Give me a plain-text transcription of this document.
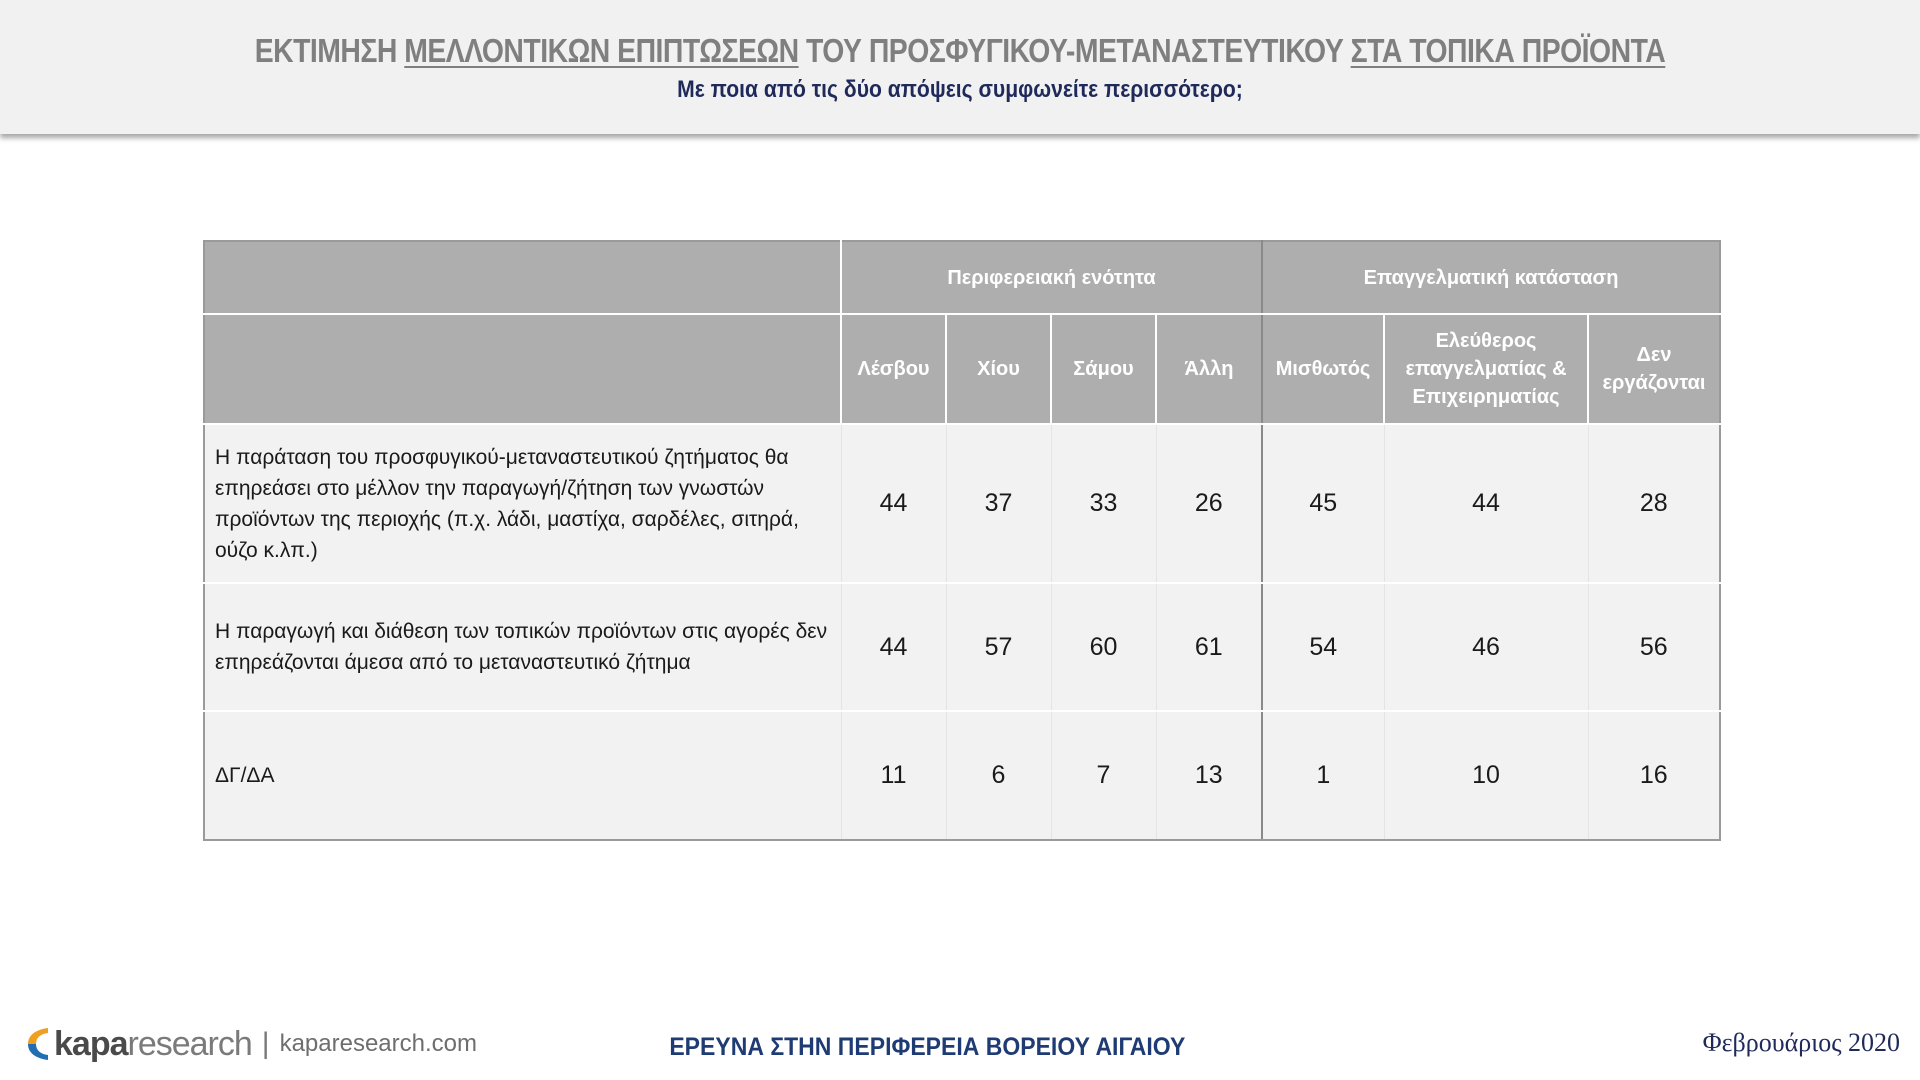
ΕΚΤΙΜΗΣΗ ΜΕΛΛΟΝΤΙΚΩΝ ΕΠΙΠΤΩΣΕΩΝ ΤΟΥ ΠΡΟΣΦΥΓΙΚΟΥ-ΜΕΤΑΝΑΣΤΕΥΤΙΚΟΥ ΣΤΑ ΤΟΠΙΚΑ ΠΡΟΪΟΝΤΑ
Με ποια από τις δύο απόψεις συμφωνείτε περισσότερο;
	Περιφερειακή ενότητα				Επαγγελματική κατάσταση		
	Λέσβου	Χίου	Σάμου	Άλλη	Μισθωτός	Ελεύθερος επαγγελματίας & Επιχειρηματίας	Δεν εργάζονται
Η παράταση του προσφυγικού-μεταναστευτικού ζητήματος θα επηρεάσει στο μέλλον την παραγωγή/ζήτηση των γνωστών προϊόντων της περιοχής (π.χ. λάδι, μαστίχα, σαρδέλες, σιτηρά, ούζο κ.λπ.)	44	37	33	26	45	44	28
Η παραγωγή και διάθεση των τοπικών προϊόντων στις αγορές δεν επηρεάζονται άμεσα από το μεταναστευτικό ζήτημα	44	57	60	61	54	46	56
ΔΓ/ΔΑ	11	6	7	13	1	10	16
kapa research | kaparesearch.com	ΕΡΕΥΝΑ ΣΤΗΝ ΠΕΡΙΦΕΡΕΙΑ ΒΟΡΕΙΟΥ ΑΙΓΑΙΟΥ	Φεβρουάριος 2020
